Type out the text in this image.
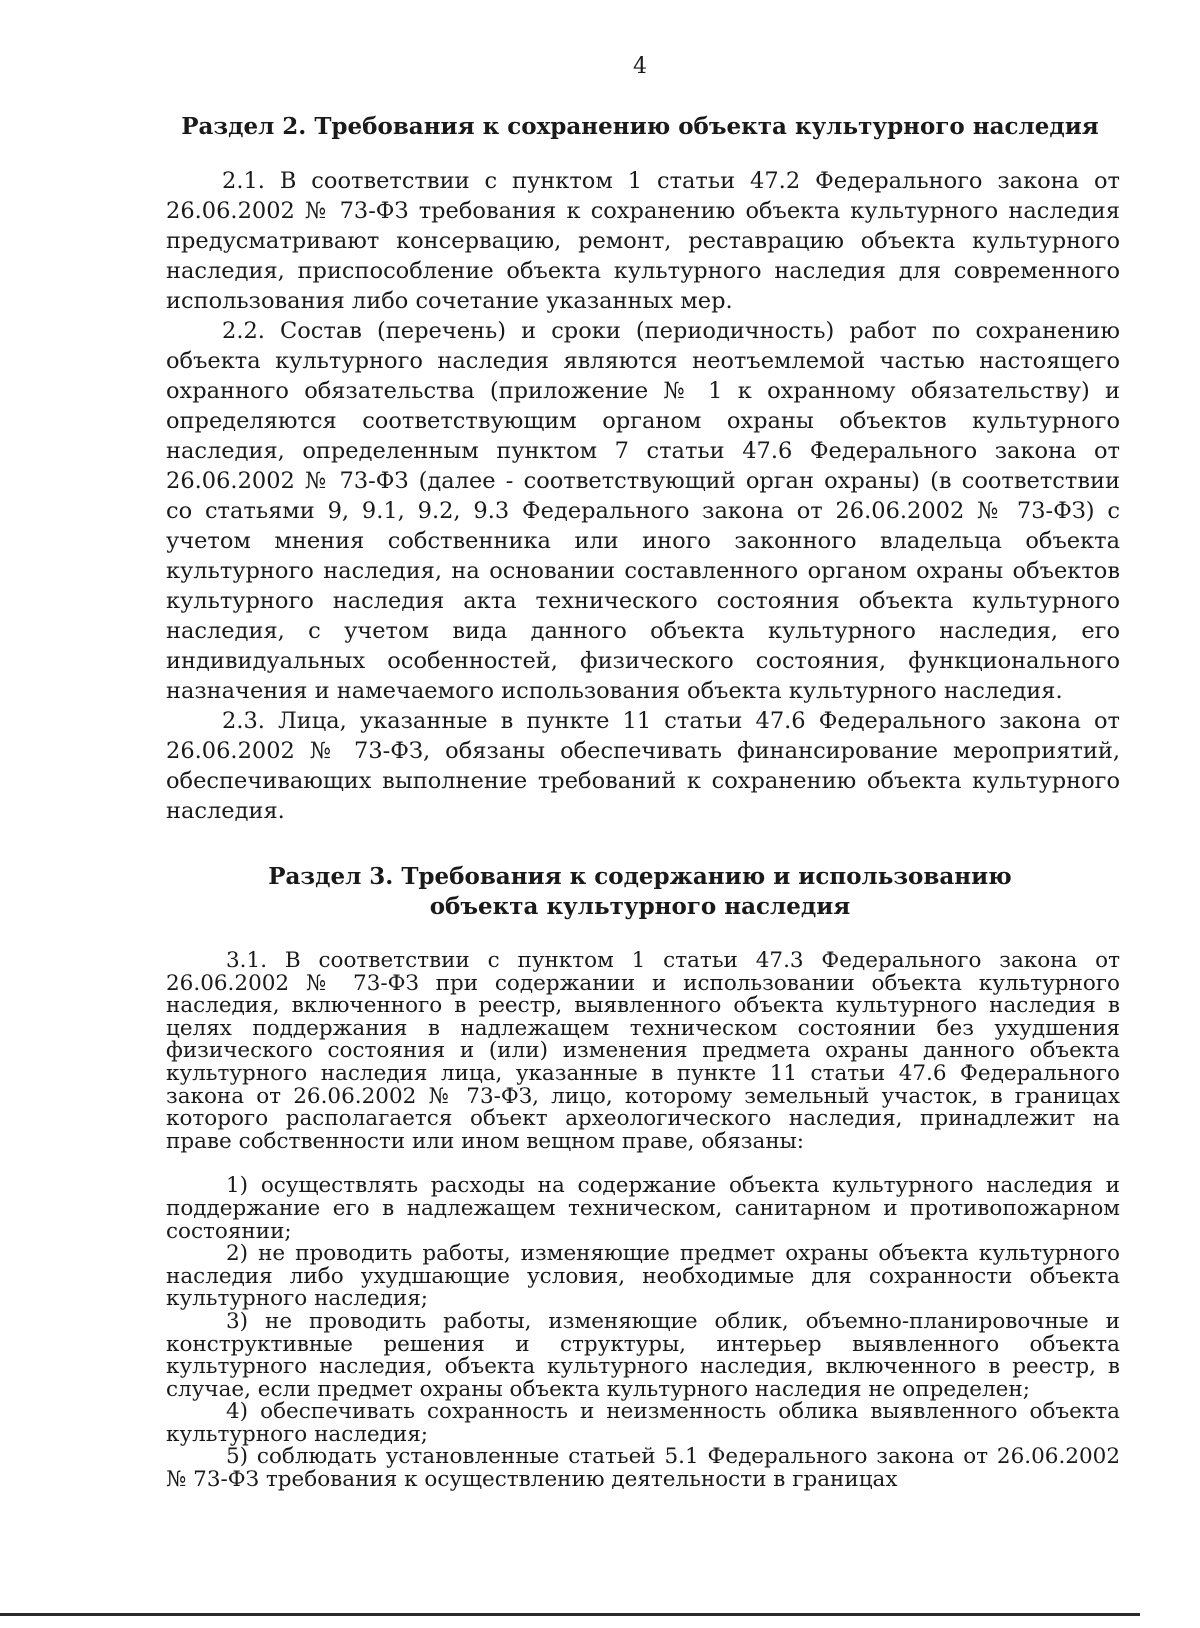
4
Раздел 2. Требования к сохранению объекта культурного наследия

2.1. В соответствии с пунктом 1 статьи 47.2 Федерального закона от 26.06.2002 № 73-ФЗ требования к сохранению объекта культурного наследия предусматривают консервацию, ремонт, реставрацию объекта культурного наследия, приспособление объекта культурного наследия для современного использования либо сочетание указанных мер.

2.2. Состав (перечень) и сроки (периодичность) работ по сохранению объекта культурного наследия являются неотъемлемой частью настоящего охранного обязательства (приложение № 1 к охранному обязательству) и определяются соответствующим органом охраны объектов культурного наследия, определенным пунктом 7 статьи 47.6 Федерального закона от 26.06.2002 № 73-ФЗ (далее - соответствующий орган охраны) (в соответствии со статьями 9, 9.1, 9.2, 9.3 Федерального закона от 26.06.2002 № 73-ФЗ) с учетом мнения собственника или иного законного владельца объекта культурного наследия, на основании составленного органом охраны объектов культурного наследия акта технического состояния объекта культурного наследия, с учетом вида данного объекта культурного наследия, его индивидуальных особенностей, физического состояния, функционального назначения и намечаемого использования объекта культурного наследия.

2.3. Лица, указанные в пункте 11 статьи 47.6 Федерального закона от 26.06.2002 № 73-ФЗ, обязаны обеспечивать финансирование мероприятий, обеспечивающих выполнение требований к сохранению объекта культурного наследия.

Раздел 3. Требования к содержанию и использованию
объекта культурного наследия

3.1. В соответствии с пунктом 1 статьи 47.3 Федерального закона от 26.06.2002 № 73-ФЗ при содержании и использовании объекта культурного наследия, включенного в реестр, выявленного объекта культурного наследия в целях поддержания в надлежащем техническом состоянии без ухудшения физического состояния и (или) изменения предмета охраны данного объекта культурного наследия лица, указанные в пункте 11 статьи 47.6 Федерального закона от 26.06.2002 № 73-ФЗ, лицо, которому земельный участок, в границах которого располагается объект археологического наследия, принадлежит на праве собственности или ином вещном праве, обязаны:

1) осуществлять расходы на содержание объекта культурного наследия и поддержание его в надлежащем техническом, санитарном и противопожарном состоянии;

2) не проводить работы, изменяющие предмет охраны объекта культурного наследия либо ухудшающие условия, необходимые для сохранности объекта культурного наследия;

3) не проводить работы, изменяющие облик, объемно-планировочные и конструктивные решения и структуры, интерьер выявленного объекта культурного наследия, объекта культурного наследия, включенного в реестр, в случае, если предмет охраны объекта культурного наследия не определен;

4) обеспечивать сохранность и неизменность облика выявленного объекта культурного наследия;

5) соблюдать установленные статьей 5.1 Федерального закона от 26.06.2002 № 73-ФЗ требования к осуществлению деятельности в границах
